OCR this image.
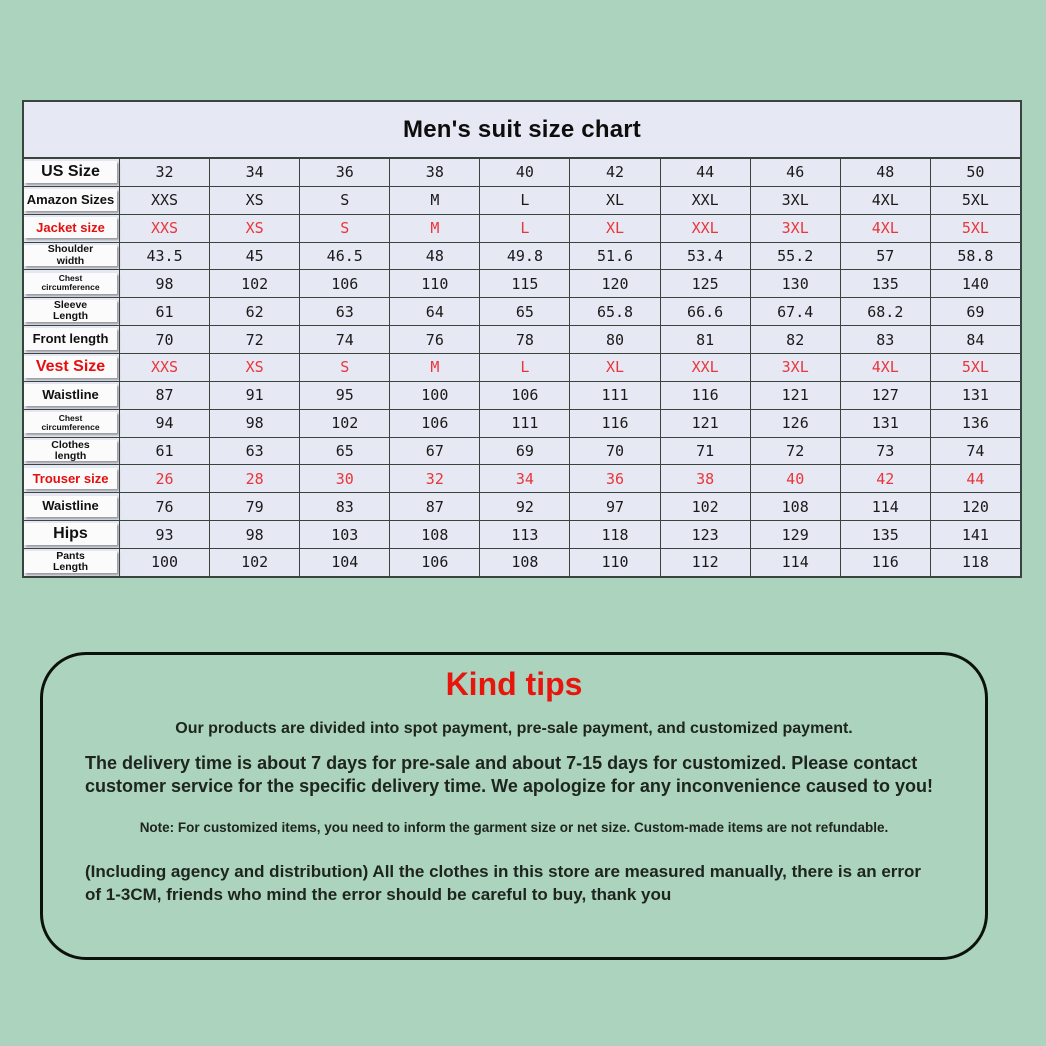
Men's suit size chart
US Size	32	34	36	38	40	42	44	46	48	50
Amazon Sizes	XXS	XS	S	M	L	XL	XXL	3XL	4XL	5XL
Jacket size	XXS	XS	S	M	L	XL	XXL	3XL	4XL	5XL
Shoulder width	43.5	45	46.5	48	49.8	51.6	53.4	55.2	57	58.8
Chest circumference	98	102	106	110	115	120	125	130	135	140
Sleeve Length	61	62	63	64	65	65.8	66.6	67.4	68.2	69
Front length	70	72	74	76	78	80	81	82	83	84
Vest Size	XXS	XS	S	M	L	XL	XXL	3XL	4XL	5XL
Waistline	87	91	95	100	106	111	116	121	127	131
Chest circumference	94	98	102	106	111	116	121	126	131	136
Clothes length	61	63	65	67	69	70	71	72	73	74
Trouser size	26	28	30	32	34	36	38	40	42	44
Waistline	76	79	83	87	92	97	102	108	114	120
Hips	93	98	103	108	113	118	123	129	135	141
Pants Length	100	102	104	106	108	110	112	114	116	118
Kind tips
Our products are divided into spot payment, pre-sale payment, and customized payment.
The delivery time is about 7 days for pre-sale and about 7-15 days for customized. Please contact customer service for the specific delivery time. We apologize for any inconvenience caused to you!
Note: For customized items, you need to inform the garment size or net size. Custom-made items are not refundable.
(Including agency and distribution) All the clothes in this store are measured manually, there is an error of 1-3CM, friends who mind the error should be careful to buy, thank you
